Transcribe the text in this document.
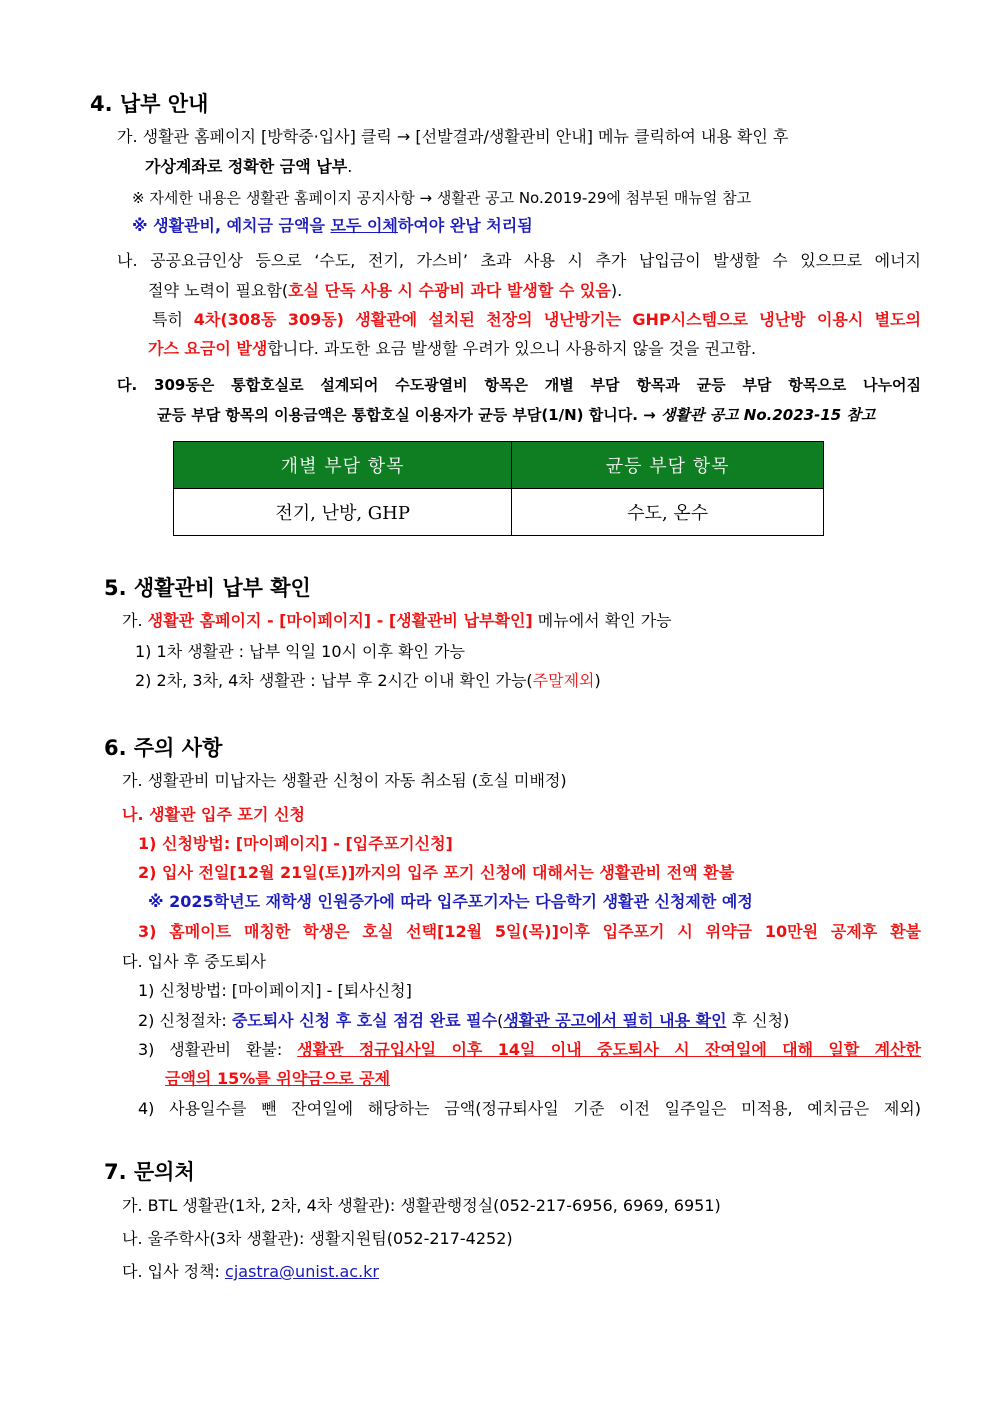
4. 납부 안내
가. 생활관 홈페이지 [방학중·입사] 클릭 → [선발결과/생활관비 안내] 메뉴 클릭하여 내용 확인 후
가상계좌로 정확한 금액 납부.
※ 자세한 내용은 생활관 홈페이지 공지사항 → 생활관 공고 No.2019-29에 첨부된 매뉴얼 참고
※ 생활관비, 예치금 금액을 모두 이체하여야 완납 처리됨
나. 공공요금인상 등으로 ‘수도, 전기, 가스비’ 초과 사용 시 추가 납입금이 발생할 수 있으므로 에너지
절약 노력이 필요함(호실 단독 사용 시 수광비 과다 발생할 수 있음).
특히 4차(308동 309동) 생활관에 설치된 천장의 냉난방기는 GHP시스템으로 냉난방 이용시 별도의
가스 요금이 발생합니다. 과도한 요금 발생할 우려가 있으니 사용하지 않을 것을 권고함.
다. 309동은 통합호실로 설계되어 수도광열비 항목은 개별 부담 항목과 균등 부담 항목으로 나누어짐
균등 부담 항목의 이용금액은 통합호실 이용자가 균등 부담(1/N) 합니다. → 생활관 공고 No.2023-15 참고
개별 부담 항목	균등 부담 항목
전기, 난방, GHP	수도, 온수
5. 생활관비 납부 확인
가. 생활관 홈페이지 - [마이페이지] - [생활관비 납부확인] 메뉴에서 확인 가능
1) 1차 생활관 : 납부 익일 10시 이후 확인 가능
2) 2차, 3차, 4차 생활관 : 납부 후 2시간 이내 확인 가능(주말제외)
6. 주의 사항
가. 생활관비 미납자는 생활관 신청이 자동 취소됨 (호실 미배정)
나. 생활관 입주 포기 신청
1) 신청방법: [마이페이지] - [입주포기신청]
2) 입사 전일[12월 21일(토)]까지의 입주 포기 신청에 대해서는 생활관비 전액 환불
※ 2025학년도 재학생 인원증가에 따라 입주포기자는 다음학기 생활관 신청제한 예정
3) 홈메이트 매칭한 학생은 호실 선택[12월 5일(목)]이후 입주포기 시 위약금 10만원 공제후 환불
다. 입사 후 중도퇴사
1) 신청방법: [마이페이지] - [퇴사신청]
2) 신청절차: 중도퇴사 신청 후 호실 점검 완료 필수(생활관 공고에서 필히 내용 확인 후 신청)
3) 생활관비 환불: 생활관 정규입사일 이후 14일 이내 중도퇴사 시 잔여일에 대해 일할 계산한
금액의 15%를 위약금으로 공제
4) 사용일수를 뺀 잔여일에 해당하는 금액(정규퇴사일 기준 이전 일주일은 미적용, 예치금은 제외)
7. 문의처
가. BTL 생활관(1차, 2차, 4차 생활관): 생활관행정실(052-217-6956, 6969, 6951)
나. 울주학사(3차 생활관): 생활지원팀(052-217-4252)
다. 입사 정책: cjastra@unist.ac.kr
